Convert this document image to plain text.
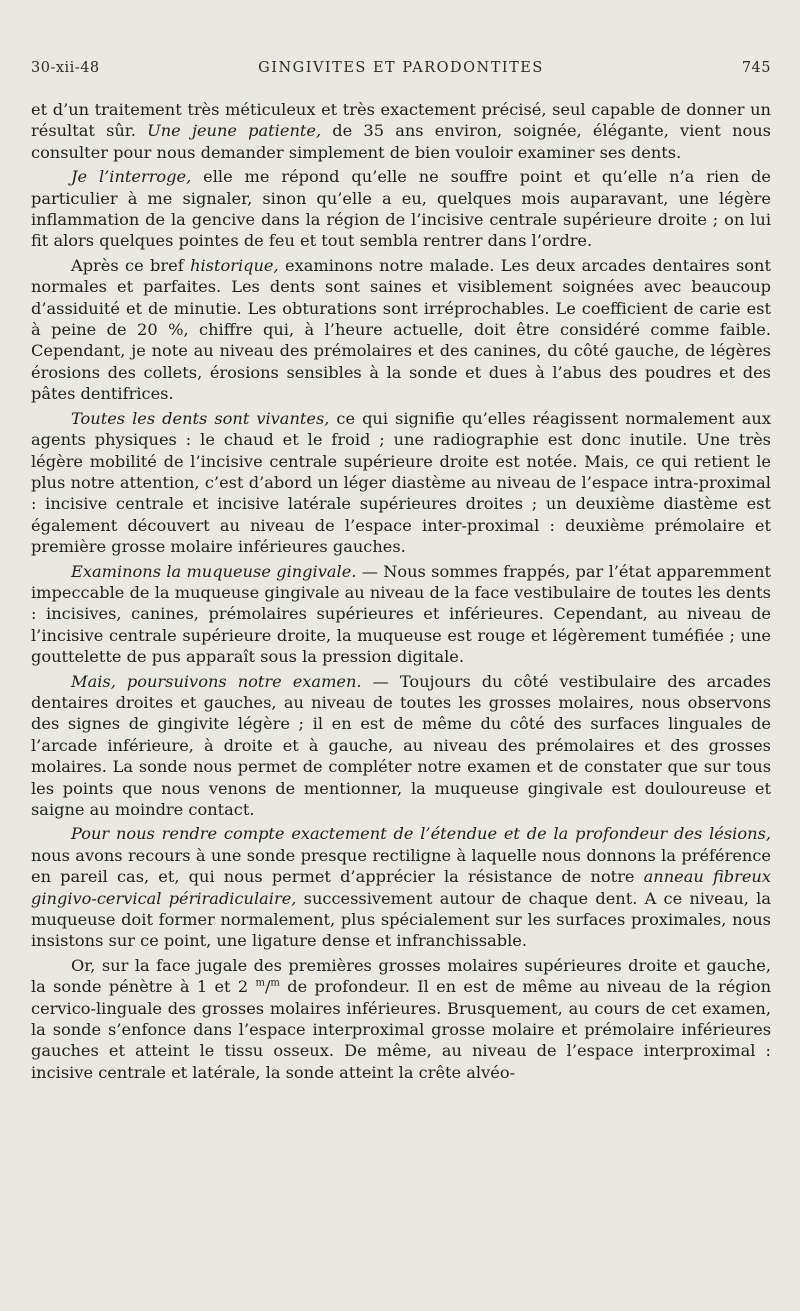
30-xii-48	GINGIVITES ET PARODONTITES	745

et d’un traitement très méticuleux et très exactement précisé, seul capable de donner un résultat sûr. Une jeune patiente, de 35 ans environ, soignée, élégante, vient nous consulter pour nous demander simplement de bien vouloir examiner ses dents.

Je l’interroge, elle me répond qu’elle ne souffre point et qu’elle n’a rien de particulier à me signaler, sinon qu’elle a eu, quelques mois auparavant, une légère inflammation de la gencive dans la région de l’incisive centrale supérieure droite ; on lui fit alors quelques pointes de feu et tout sembla rentrer dans l’ordre.

Après ce bref historique, examinons notre malade. Les deux arcades dentaires sont normales et parfaites. Les dents sont saines et visiblement soignées avec beaucoup d’assiduité et de minutie. Les obturations sont irréprochables. Le coefficient de carie est à peine de 20 %, chiffre qui, à l’heure actuelle, doit être considéré comme faible. Cependant, je note au niveau des prémolaires et des canines, du côté gauche, de légères érosions des collets, érosions sensibles à la sonde et dues à l’abus des poudres et des pâtes dentifrices.

Toutes les dents sont vivantes, ce qui signifie qu’elles réagissent normalement aux agents physiques : le chaud et le froid ; une radiographie est donc inutile. Une très légère mobilité de l’incisive centrale supérieure droite est notée. Mais, ce qui retient le plus notre attention, c’est d’abord un léger diastème au niveau de l’espace intra-proximal : incisive centrale et incisive latérale supérieures droites ; un deuxième diastème est également découvert au niveau de l’espace inter-proximal : deuxième prémolaire et première grosse molaire inférieures gauches.

Examinons la muqueuse gingivale. — Nous sommes frappés, par l’état apparemment impeccable de la muqueuse gingivale au niveau de la face vestibulaire de toutes les dents : incisives, canines, prémolaires supérieures et inférieures. Cependant, au niveau de l’incisive centrale supérieure droite, la muqueuse est rouge et légèrement tuméfiée ; une gouttelette de pus apparaît sous la pression digitale.

Mais, poursuivons notre examen. — Toujours du côté vestibulaire des arcades dentaires droites et gauches, au niveau de toutes les grosses molaires, nous observons des signes de gingivite légère ; il en est de même du côté des surfaces linguales de l’arcade inférieure, à droite et à gauche, au niveau des prémolaires et des grosses molaires. La sonde nous permet de compléter notre examen et de constater que sur tous les points que nous venons de mentionner, la muqueuse gingivale est douloureuse et saigne au moindre contact.

Pour nous rendre compte exactement de l’étendue et de la profondeur des lésions, nous avons recours à une sonde presque rectiligne à laquelle nous donnons la préférence en pareil cas, et, qui nous permet d’apprécier la résistance de notre anneau fibreux gingivo-cervical périradiculaire, successivement autour de chaque dent. A ce niveau, la muqueuse doit former normalement, plus spécialement sur les surfaces proximales, nous insistons sur ce point, une ligature dense et infranchissable.

Or, sur la face jugale des premières grosses molaires supérieures droite et gauche, la sonde pénètre à 1 et 2 $^m$/$^m$ de profondeur. Il en est de même au niveau de la région cervico-linguale des grosses molaires inférieures. Brusquement, au cours de cet examen, la sonde s’enfonce dans l’espace interproximal grosse molaire et prémolaire inférieures gauches et atteint le tissu osseux. De même, au niveau de l’espace interproximal : incisive centrale et latérale, la sonde atteint la crête alvéo-
